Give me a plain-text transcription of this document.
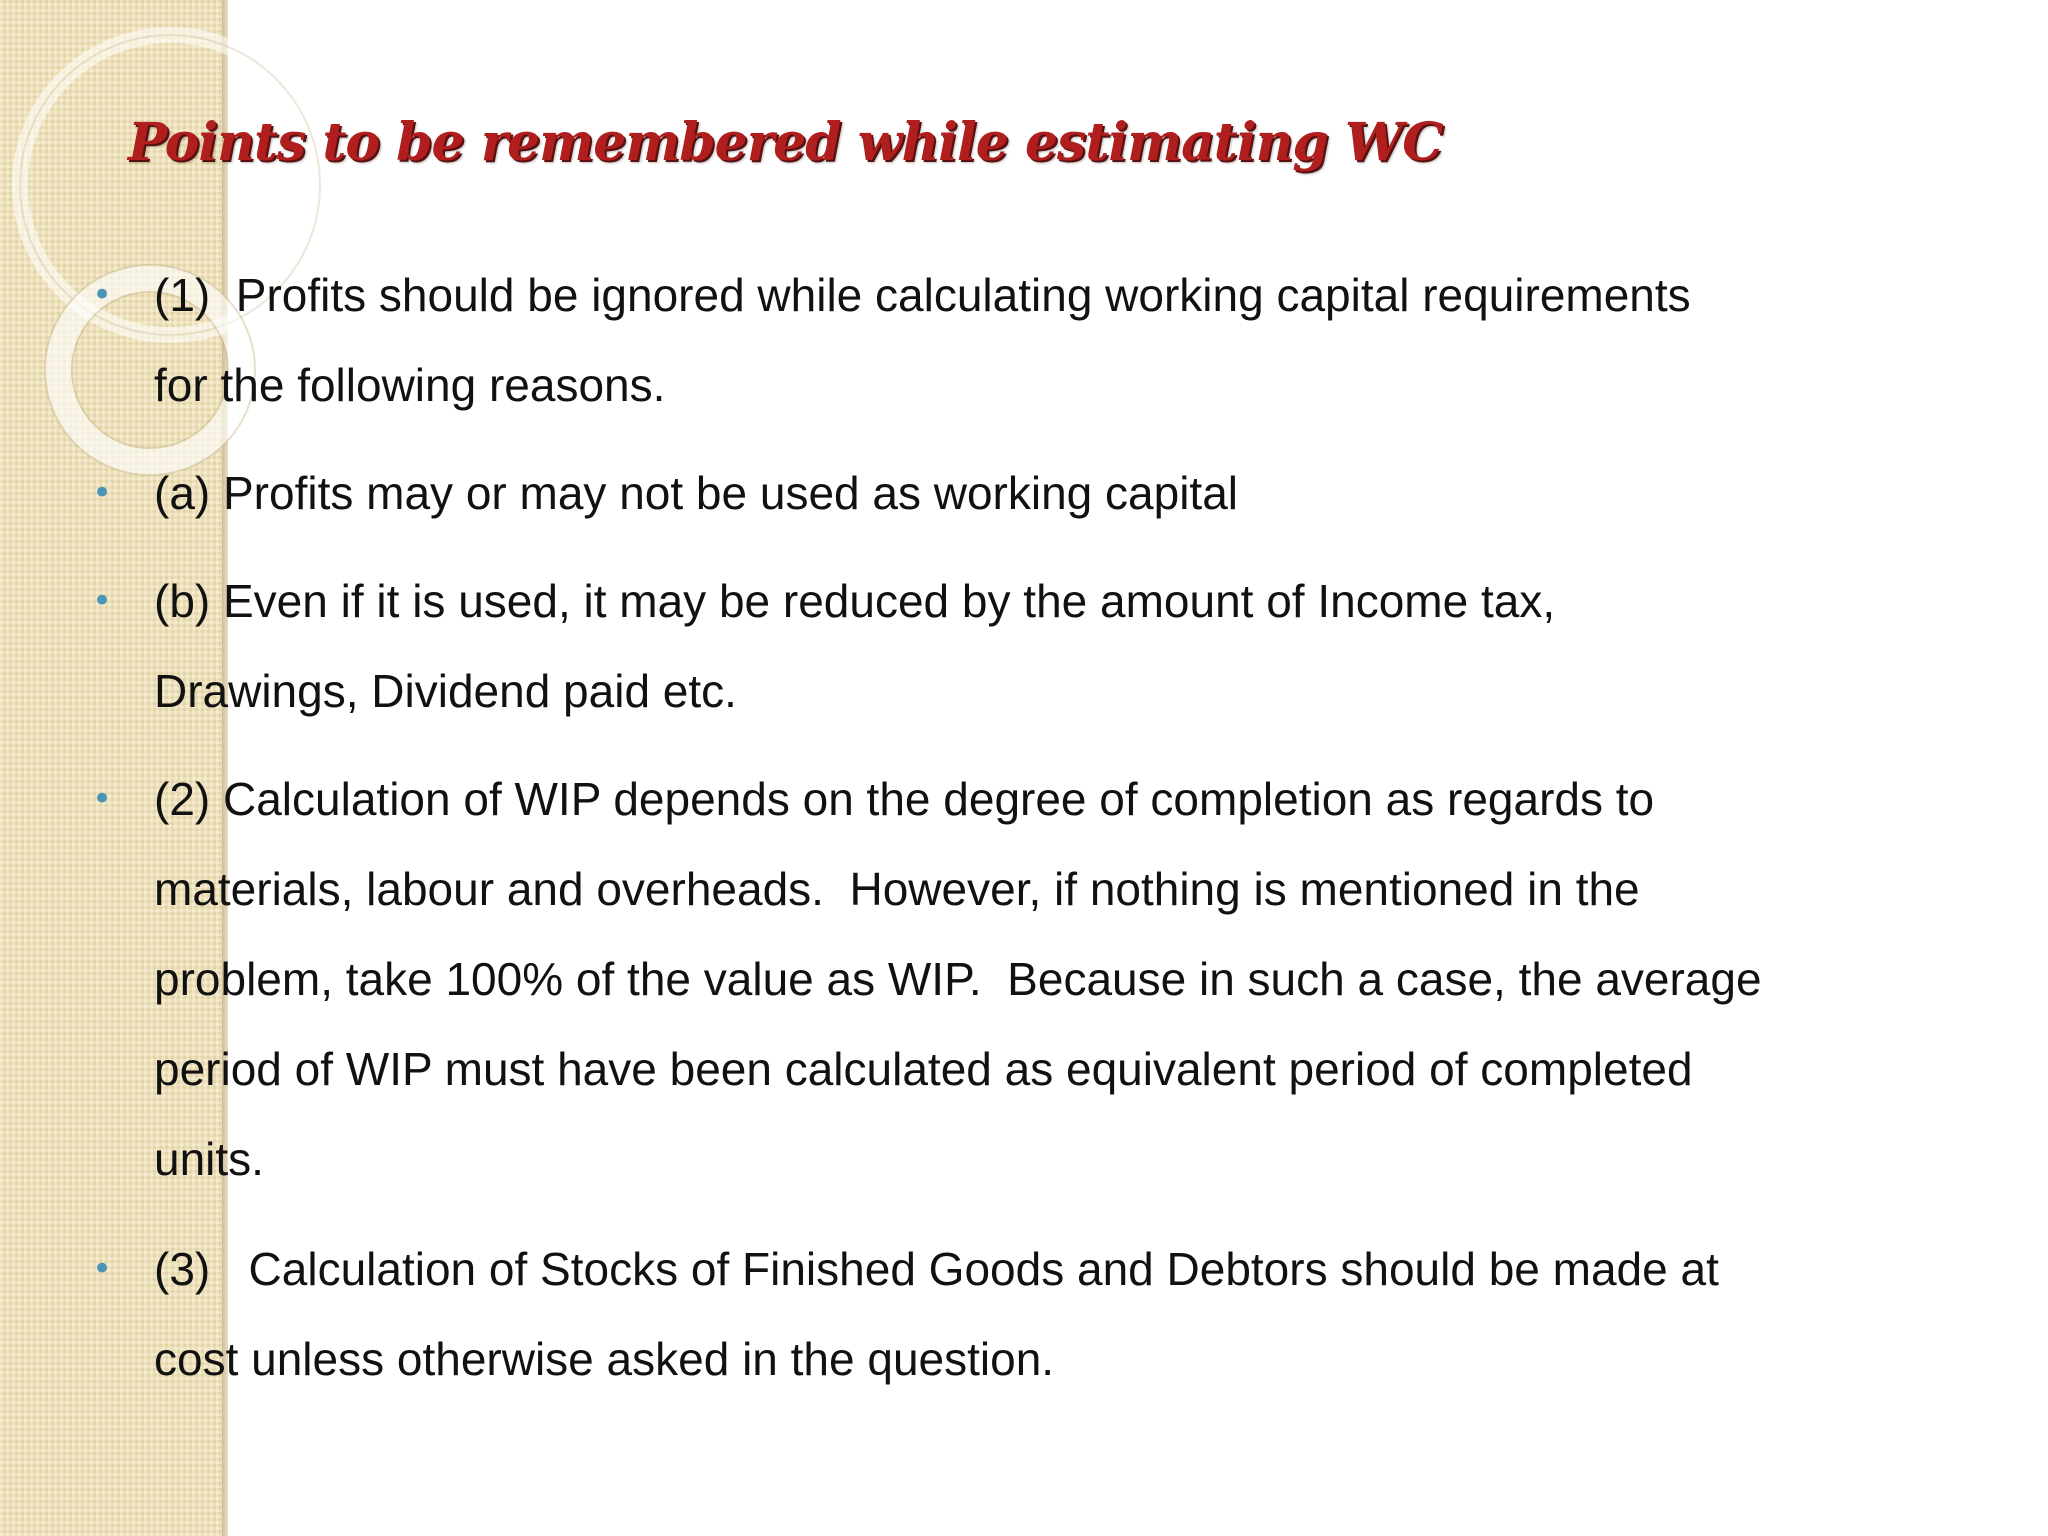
Points to be remembered while estimating WC
• (1)  Profits should be ignored while calculating working capital requirements
for the following reasons.
• (a) Profits may or may not be used as working capital
• (b) Even if it is used, it may be reduced by the amount of Income tax,
Drawings, Dividend paid etc.
• (2) Calculation of WIP depends on the degree of completion as regards to
materials, labour and overheads.  However, if nothing is mentioned in the
problem, take 100% of the value as WIP.  Because in such a case, the average
period of WIP must have been calculated as equivalent period of completed
units.
• (3)   Calculation of Stocks of Finished Goods and Debtors should be made at
cost unless otherwise asked in the question.
